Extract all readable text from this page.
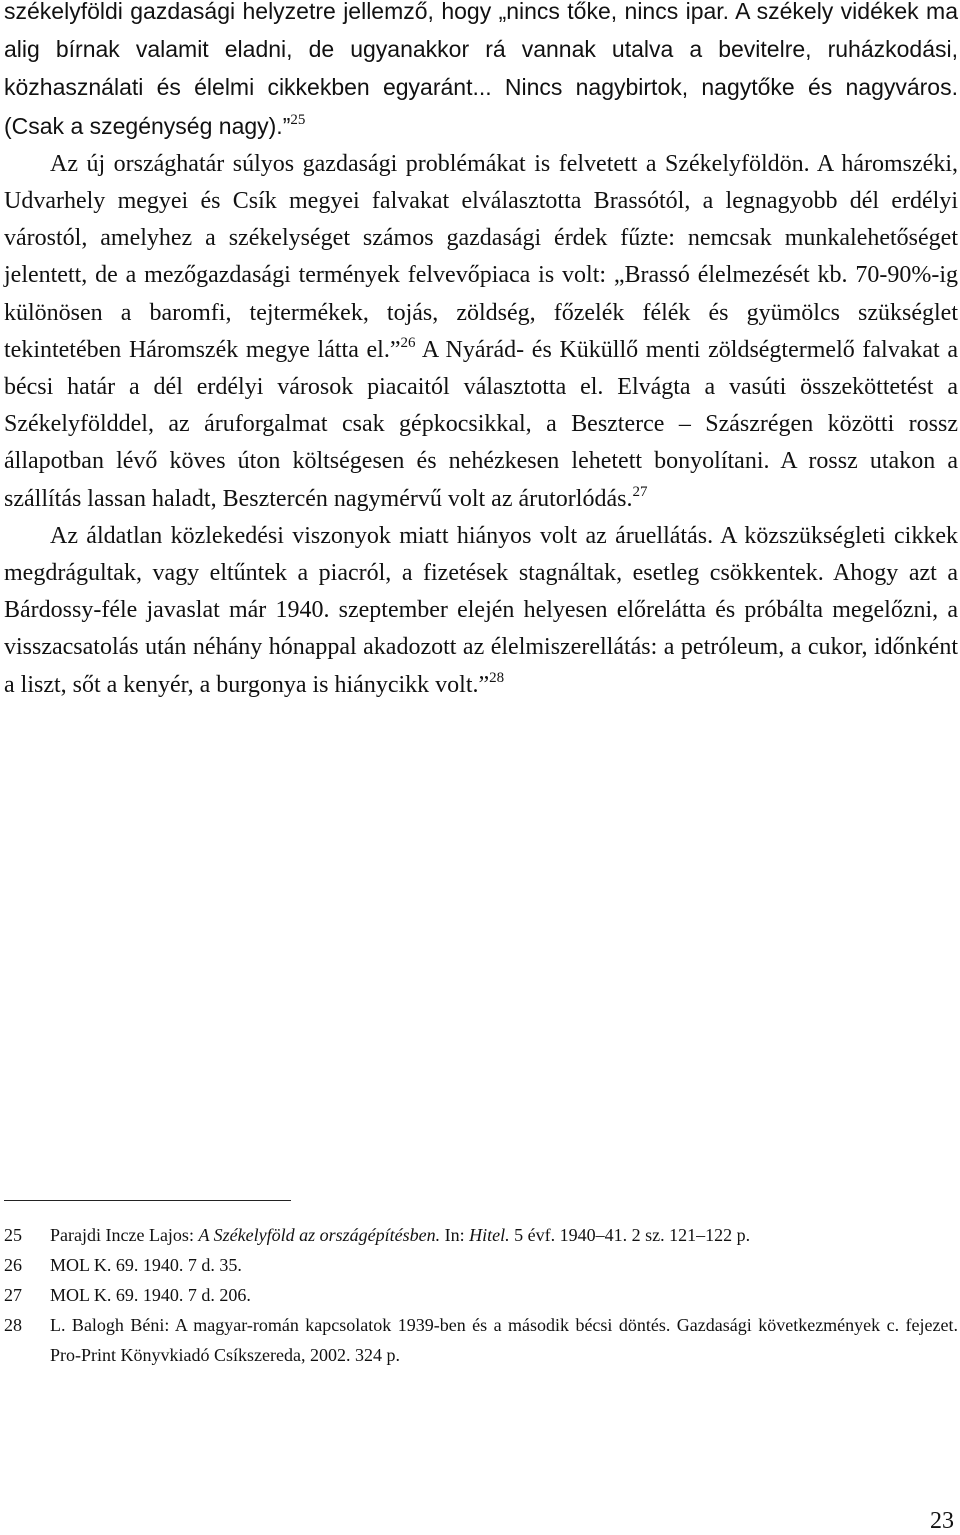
székelyföldi gazdasági helyzetre jellemző, hogy „nincs tőke, nincs ipar. A székely vidékek ma alig bírnak valamit eladni, de ugyanakkor rá vannak utalva a bevitelre, ruházkodási, közhasználati és élelmi cikkekben egyaránt... Nincs nagybirtok, nagytőke és nagyváros. (Csak a szegénység nagy).”$^{25}$

Az új országhatár súlyos gazdasági problémákat is felvetett a Székelyföldön. A háromszéki, Udvarhely megyei és Csík megyei falvakat elválasztotta Brassótól, a legnagyobb dél erdélyi várostól, amelyhez a székelységet számos gazdasági érdek fűzte: nemcsak munkalehetőséget jelentett, de a mezőgazdasági termények felvevőpiaca is volt: „Brassó élelmezését kb. 70-90%-ig különösen a baromfi, tejtermékek, tojás, zöldség, főzelék félék és gyümölcs szükséglet tekintetében Háromszék megye látta el.”$^{26}$ A Nyárád- és Küküllő menti zöldségtermelő falvakat a bécsi határ a dél erdélyi városok piacaitól választotta el. Elvágta a vasúti összeköttetést a Székelyfölddel, az áruforgalmat csak gépkocsikkal, a Beszterce – Szászrégen közötti rossz állapotban lévő köves úton költségesen és nehézkesen lehetett bonyolítani. A rossz utakon a szállítás lassan haladt, Besztercén nagymérvű volt az árutorlódás.$^{27}$

Az áldatlan közlekedési viszonyok miatt hiányos volt az áruellátás. A közszükségleti cikkek megdrágultak, vagy eltűntek a piacról, a fizetések stagnáltak, esetleg csökkentek. Ahogy azt a Bárdossy-féle javaslat már 1940. szeptember elején helyesen előrelátta és próbálta megelőzni, a visszacsatolás után néhány hónappal akadozott az élelmiszerellátás: a petróleum, a cukor, időnként a liszt, sőt a kenyér, a burgonya is hiánycikk volt.”$^{28}$

25	Parajdi Incze Lajos: A Székelyföld az országépítésben. In: Hitel. 5 évf. 1940–41. 2 sz. 121–122 p.
26	MOL K. 69. 1940. 7 d. 35.
27	MOL K. 69. 1940. 7 d. 206.
28	L. Balogh Béni: A magyar-román kapcsolatok 1939-ben és a második bécsi döntés. Gazdasági következmények c. fejezet. Pro-Print Könyvkiadó Csíkszereda, 2002. 324 p.
23
